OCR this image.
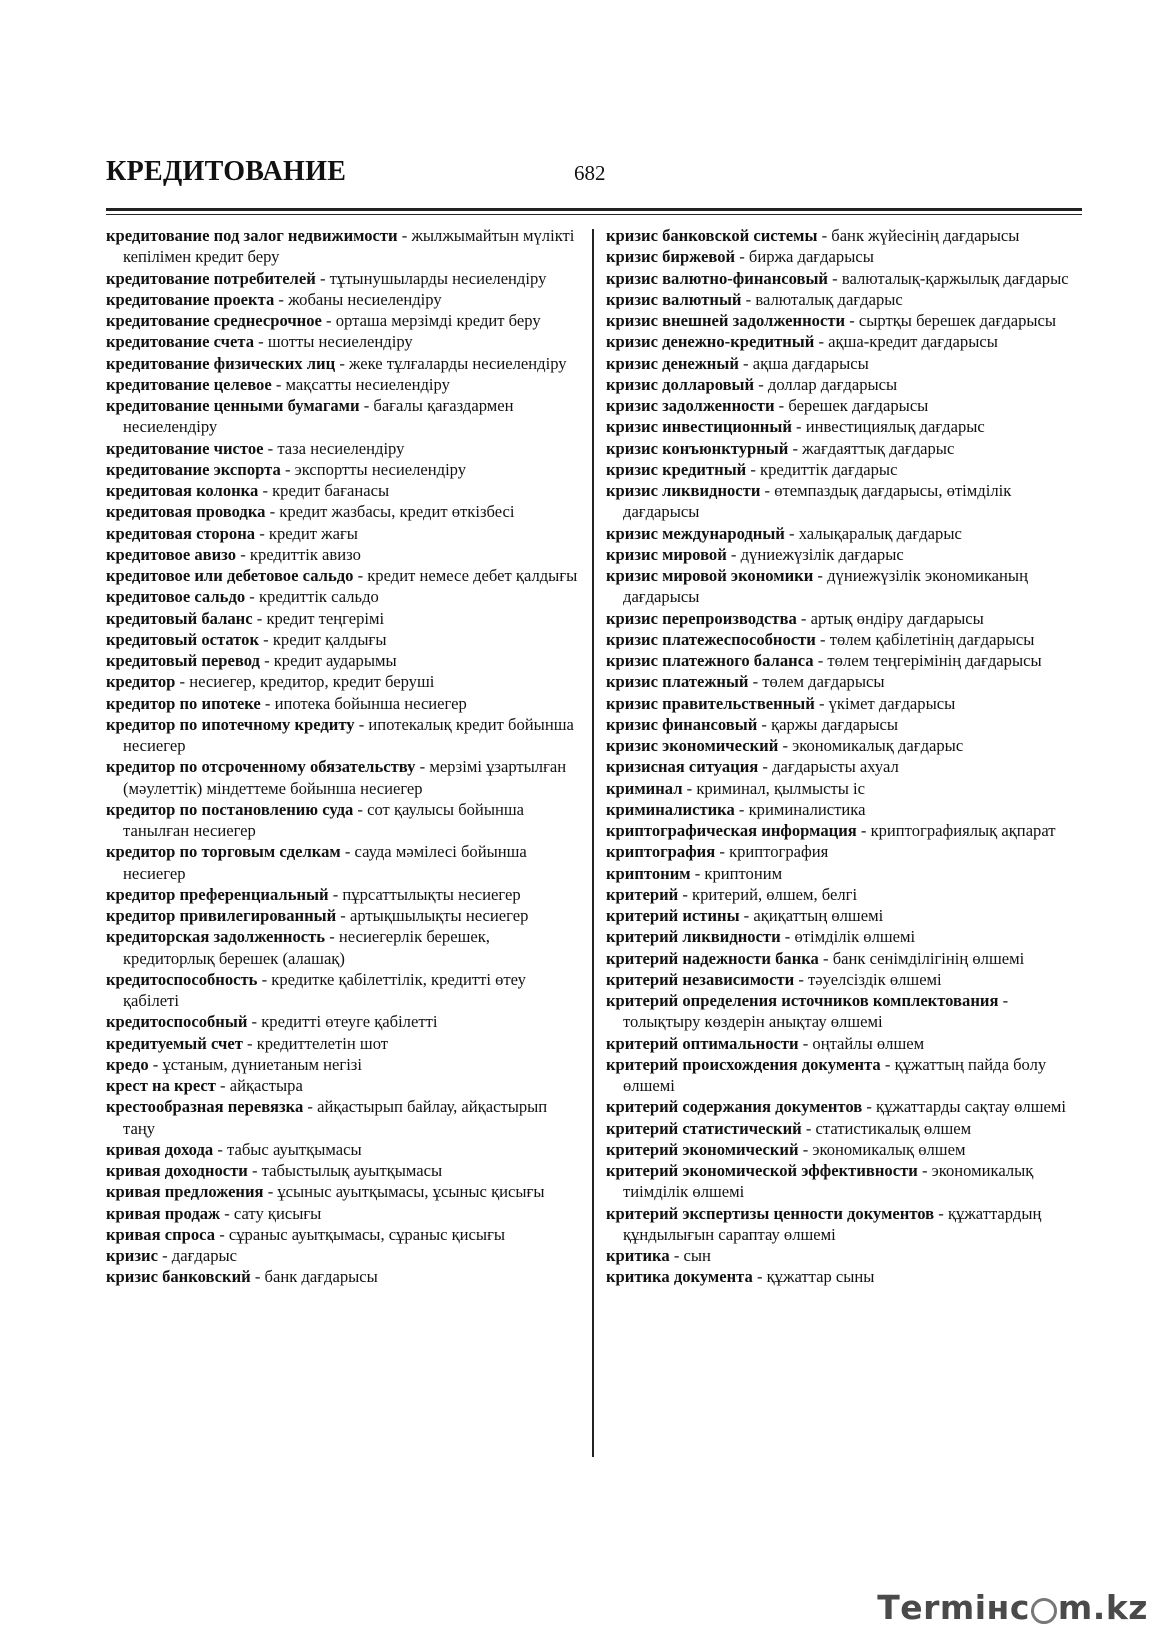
КРЕДИТОВАНИЕ	682
кредитование под залог недвижимости - жылжымайтын мүлікті кепілімен кредит беру
кредитование потребителей - тұтынушыларды несиелендіру
кредитование проекта - жобаны несиелендіру
кредитование среднесрочное - орташа мерзімді кредит беру
кредитование счета - шотты несиелендіру
кредитование физических лиц - жеке тұлғаларды несиелендіру
кредитование целевое - мақсатты несиелендіру
кредитование ценными бумагами - бағалы қағаздармен несиелендіру
кредитование чистое - таза несиелендіру
кредитование экспорта - экспортты несиелендіру
кредитовая колонка - кредит бағанасы
кредитовая проводка - кредит жазбасы, кредит өткізбесі
кредитовая сторона - кредит жағы
кредитовое авизо - кредиттік авизо
кредитовое или дебетовое сальдо - кредит немесе дебет қалдығы
кредитовое сальдо - кредиттік сальдо
кредитовый баланс - кредит теңгерімі
кредитовый остаток - кредит қалдығы
кредитовый перевод - кредит аударымы
кредитор - несиегер, кредитор, кредит беруші
кредитор по ипотеке - ипотека бойынша несиегер
кредитор по ипотечному кредиту - ипотекалық кредит бойынша несиегер
кредитор по отсроченному обязательству - мерзімі ұзартылған (мәулеттік) міндеттеме бойынша несиегер
кредитор по постановлению суда - сот қаулысы бойынша танылған несиегер
кредитор по торговым сделкам - сауда мәмілесі бойынша несиегер
кредитор преференциальный - пұрсаттылықты несиегер
кредитор привилегированный - артықшылықты несиегер
кредиторская задолженность - несиегерлік берешек, кредиторлық берешек (алашақ)
кредитоспособность - кредитке қабілеттілік, кредитті өтеу қабілеті
кредитоспособный - кредитті өтеуге қабілетті
кредитуемый счет - кредиттелетін шот
кредо - ұстаным, дүниетаным негізі
крест на крест - айқастыра
крестообразная перевязка - айқастырып байлау, айқастырып таңу
кривая дохода - табыс ауытқымасы
кривая доходности - табыстылық ауытқымасы
кривая предложения - ұсыныс ауытқымасы, ұсыныс қисығы
кривая продаж - сату қисығы
кривая спроса - сұраныс ауытқымасы, сұраныс қисығы
кризис - дағдарыс
кризис банковский - банк дағдарысы
кризис банковской системы - банк жүйесінің дағдарысы
кризис биржевой - биржа дағдарысы
кризис валютно-финансовый - валюталық-қаржылық дағдарыс
кризис валютный - валюталық дағдарыс
кризис внешней задолженности - сыртқы берешек дағдарысы
кризис денежно-кредитный - ақша-кредит дағдарысы
кризис денежный - ақша дағдарысы
кризис долларовый - доллар дағдарысы
кризис задолженности - берешек дағдарысы
кризис инвестиционный - инвестициялық дағдарыс
кризис конъюнктурный - жағдаяттық дағдарыс
кризис кредитный - кредиттік дағдарыс
кризис ликвидности - өтемпаздық дағдарысы, өтімділік дағдарысы
кризис международный - халықаралық дағдарыс
кризис мировой - дүниежүзілік дағдарыс
кризис мировой экономики - дүниежүзілік экономиканың дағдарысы
кризис перепроизводства - артық өндіру дағдарысы
кризис платежеспособности - төлем қабілетінің дағдарысы
кризис платежного баланса - төлем теңгерімінің дағдарысы
кризис платежный - төлем дағдарысы
кризис правительственный - үкімет дағдарысы
кризис финансовый - қаржы дағдарысы
кризис экономический - экономикалық дағдарыс
кризисная ситуация - дағдарысты ахуал
криминал - криминал, қылмысты іс
криминалистика - криминалистика
криптографическая информация - криптографиялық ақпарат
криптография - криптография
криптоним - криптоним
критерий - критерий, өлшем, белгі
критерий истины - ақиқаттың өлшемі
критерий ликвидности - өтімділік өлшемі
критерий надежности банка - банк сенімділігінің өлшемі
критерий независимости - тәуелсіздік өлшемі
критерий определения источников комплектования - толықтыру көздерін анықтау өлшемі
критерий оптимальности - оңтайлы өлшем
критерий происхождения документа - құжаттың пайда болу өлшемі
критерий содержания документов - құжаттарды сақтау өлшемі
критерий статистический - статистикалық өлшем
критерий экономический - экономикалық өлшем
критерий экономической эффективности - экономикалық тиімділік өлшемі
критерий экспертизы ценности документов - құжаттардың құндылығын сараптау өлшемі
критика - сын
критика документа - құжаттар сыны
T ermінc m.kz
